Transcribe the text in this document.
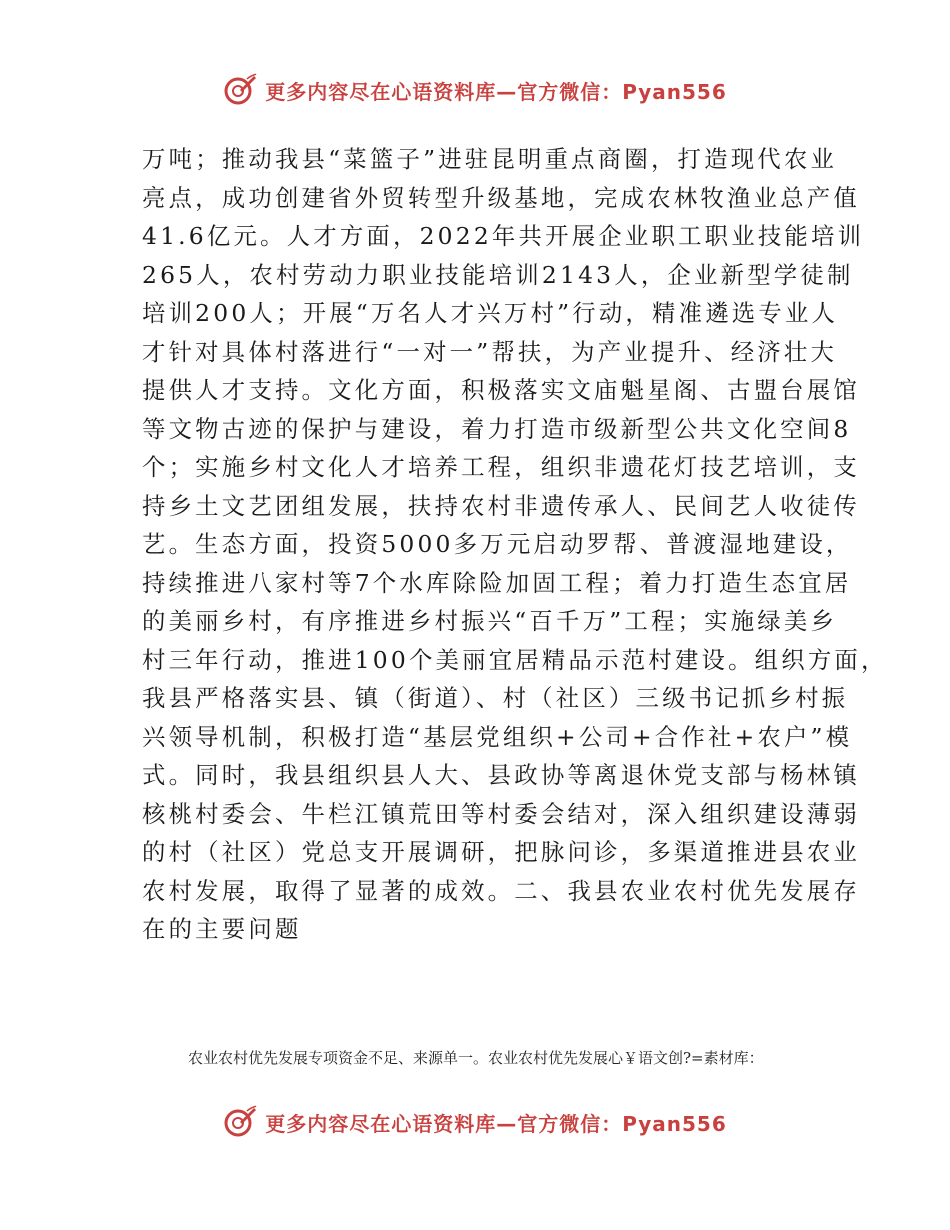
更多内容尽在心语资料库—官方微信：Pyan556
万吨；推动我县“菜篮子”进驻昆明重点商圈，打造现代农业
亮点，成功创建省外贸转型升级基地，完成农林牧渔业总产值
41.6亿元。人才方面，2022年共开展企业职工职业技能培训
265人，农村劳动力职业技能培训2143人，企业新型学徒制
培训200人；开展“万名人才兴万村”行动，精准遴选专业人
才针对具体村落进行“一对一”帮扶，为产业提升、经济壮大
提供人才支持。文化方面，积极落实文庙魁星阁、古盟台展馆
等文物古迹的保护与建设，着力打造市级新型公共文化空间8
个；实施乡村文化人才培养工程，组织非遗花灯技艺培训，支
持乡土文艺团组发展，扶持农村非遗传承人、民间艺人收徒传
艺。生态方面，投资5000多万元启动罗帮、普渡湿地建设，
持续推进八家村等7个水库除险加固工程；着力打造生态宜居
的美丽乡村，有序推进乡村振兴“百千万”工程；实施绿美乡
村三年行动，推进100个美丽宜居精品示范村建设。组织方面，
我县严格落实县、镇（街道）、村（社区）三级书记抓乡村振
兴领导机制，积极打造“基层党组织+公司+合作社+农户”模
式。同时，我县组织县人大、县政协等离退休党支部与杨林镇
核桃村委会、牛栏江镇荒田等村委会结对，深入组织建设薄弱
的村（社区）党总支开展调研，把脉问诊，多渠道推进县农业
农村发展，取得了显著的成效。二、我县农业农村优先发展存
在的主要问题
农业农村优先发展专项资金不足、来源单一。农业农村优先发展心￥语文创?=素材库：
更多内容尽在心语资料库—官方微信：Pyan556
